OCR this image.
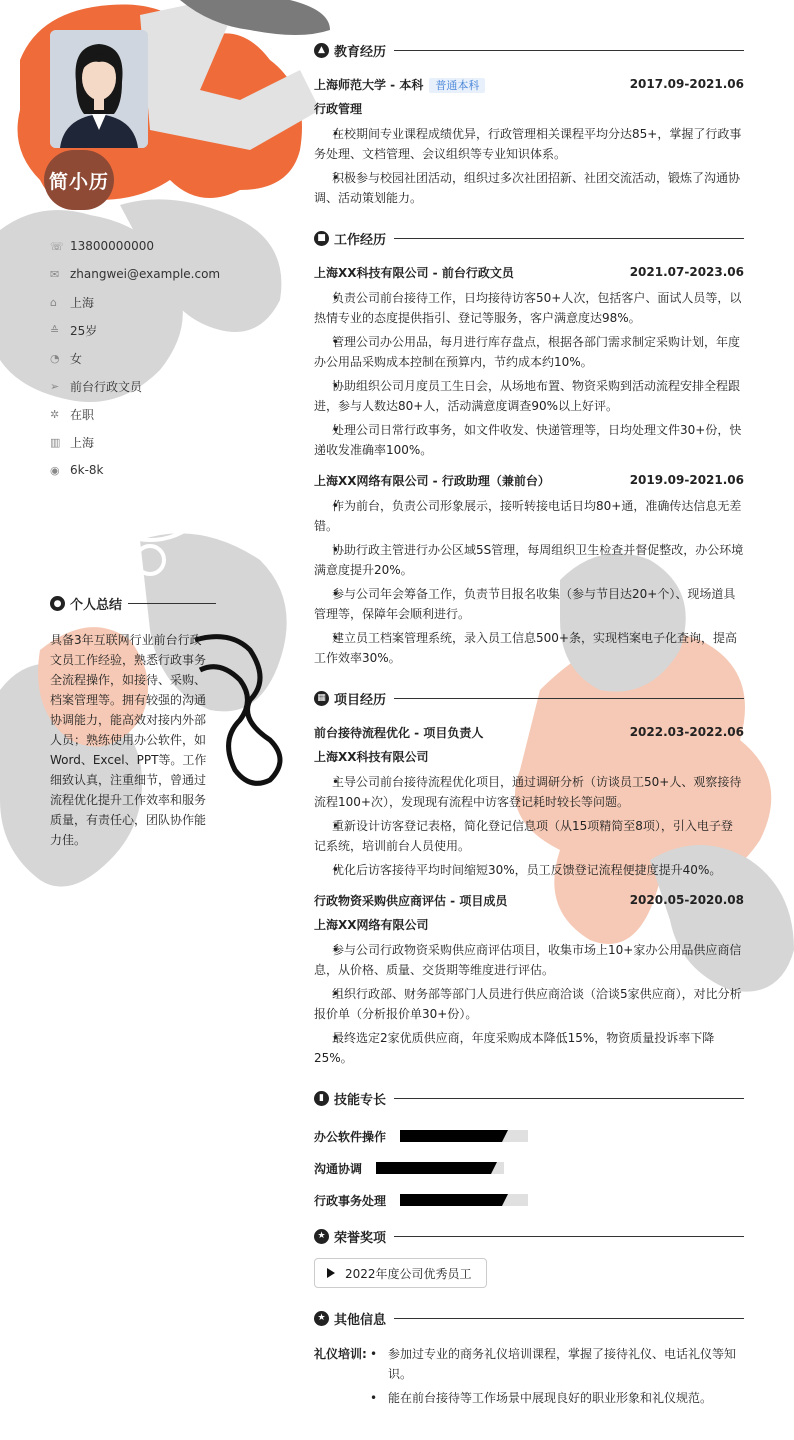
简小历
☏ 13800000000
✉ zhangwei@example.com
⌂	上海
≙ 25岁
◔ 女
➢ 前台行政文员
✲ 在职
▥ 上海
◉ 6k-8k
● 个人总结
具备3年互联网行业前台行政文员工作经验，熟悉行政事务全流程操作，如接待、采购、档案管理等。拥有较强的沟通协调能力，能高效对接内外部人员；熟练使用办公软件，如Word、Excel、PPT等。工作细致认真，注重细节，曾通过流程优化提升工作效率和服务质量，有责任心，团队协作能力佳。
▲ 教育经历
上海师范大学 - 本科 普通本科	2017.09-2021.06
行政管理
• 在校期间专业课程成绩优异，行政管理相关课程平均分达85+，掌握了行政事务处理、文档管理、会议组织等专业知识体系。
• 积极参与校园社团活动，组织过多次社团招新、社团交流活动，锻炼了沟通协调、活动策划能力。
■ 工作经历
上海XX科技有限公司 - 前台行政文员	2021.07-2023.06
• 负责公司前台接待工作，日均接待访客50+人次，包括客户、面试人员等，以热情专业的态度提供指引、登记等服务，客户满意度达98%。
• 管理公司办公用品，每月进行库存盘点，根据各部门需求制定采购计划，年度办公用品采购成本控制在预算内，节约成本约10%。
• 协助组织公司月度员工生日会，从场地布置、物资采购到活动流程安排全程跟进，参与人数达80+人，活动满意度调查90%以上好评。
• 处理公司日常行政事务，如文件收发、快递管理等，日均处理文件30+份，快递收发准确率100%。
上海XX网络有限公司 - 行政助理（兼前台）	2019.09-2021.06
• 作为前台，负责公司形象展示，接听转接电话日均80+通，准确传达信息无差错。
• 协助行政主管进行办公区域5S管理，每周组织卫生检查并督促整改，办公环境满意度提升20%。
• 参与公司年会筹备工作，负责节目报名收集（参与节目达20+个）、现场道具管理等，保障年会顺利进行。
• 建立员工档案管理系统，录入员工信息500+条，实现档案电子化查询，提高工作效率30%。
▦ 项目经历
前台接待流程优化 - 项目负责人	2022.03-2022.06
上海XX科技有限公司
• 主导公司前台接待流程优化项目，通过调研分析（访谈员工50+人、观察接待流程100+次），发现现有流程中访客登记耗时较长等问题。
• 重新设计访客登记表格，简化登记信息项（从15项精简至8项），引入电子登记系统，培训前台人员使用。
• 优化后访客接待平均时间缩短30%，员工反馈登记流程便捷度提升40%。
行政物资采购供应商评估 - 项目成员	2020.05-2020.08
上海XX网络有限公司
• 参与公司行政物资采购供应商评估项目，收集市场上10+家办公用品供应商信息，从价格、质量、交货期等维度进行评估。
• 组织行政部、财务部等部门人员进行供应商洽谈（洽谈5家供应商），对比分析报价单（分析报价单30+份）。
• 最终选定2家优质供应商，年度采购成本降低15%，物资质量投诉率下降25%。
▮ 技能专长
办公软件操作
沟通协调
行政事务处理
★ 荣誉奖项
2022年度公司优秀员工
★ 其他信息
礼仪培训:
•	参加过专业的商务礼仪培训课程，掌握了接待礼仪、电话礼仪等知识。
• 能在前台接待等工作场景中展现良好的职业形象和礼仪规范。
